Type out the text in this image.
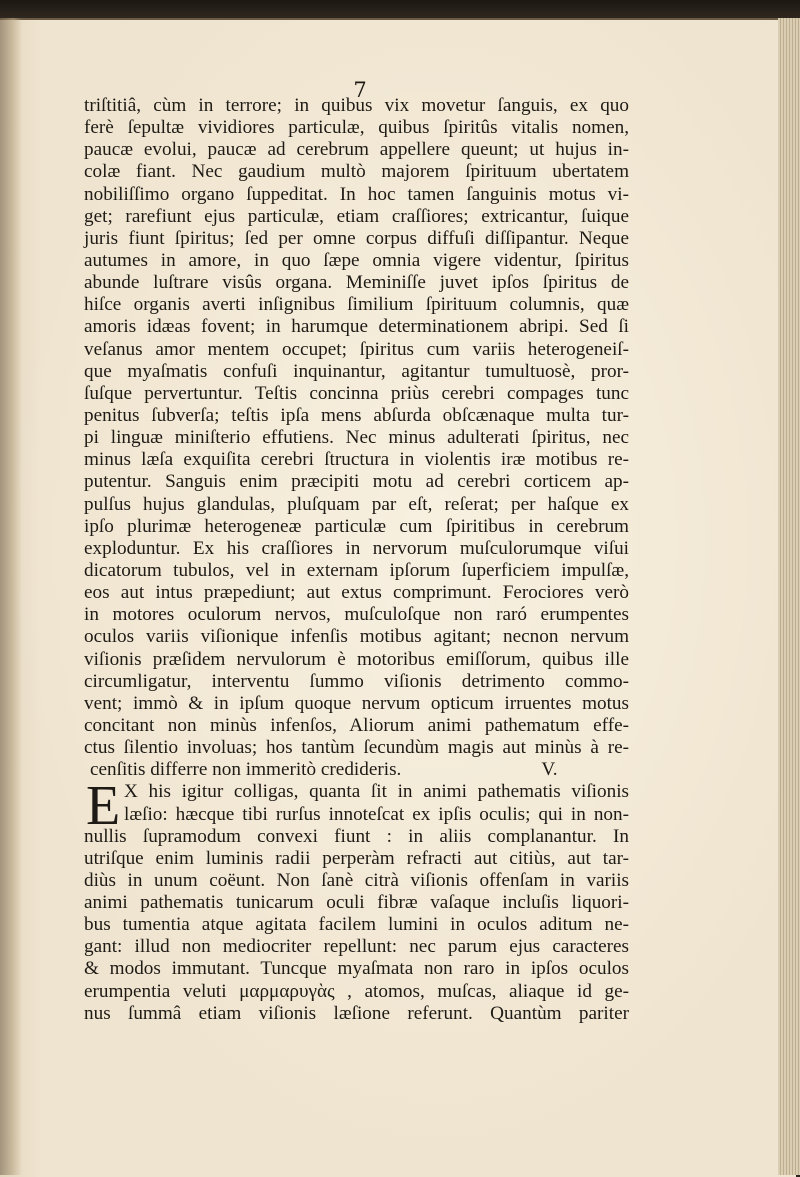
7
triſtitiâ, cùm in terrore; in quibus vix movetur ſanguis, ex quo
ferè ſepultæ vividiores particulæ, quibus ſpiritûs vitalis nomen,
paucæ evolui, paucæ ad cerebrum appellere queunt; ut hujus in-
colæ fiant. Nec gaudium multò majorem ſpirituum ubertatem
nobiliſſimo organo ſuppeditat. In hoc tamen ſanguinis motus vi-
get; rarefiunt ejus particulæ, etiam craſſiores; extricantur, ſuique
juris fiunt ſpiritus; ſed per omne corpus diffuſi diſſipantur. Neque
autumes in amore, in quo ſæpe omnia vigere videntur, ſpiritus
abunde luſtrare visûs organa. Meminiſſe juvet ipſos ſpiritus de
hiſce organis averti inſignibus ſimilium ſpirituum columnis, quæ
amoris idæas fovent; in harumque determinationem abripi. Sed ſi
veſanus amor mentem occupet; ſpiritus cum variis heterogeneiſ-
que myaſmatis confuſi inquinantur, agitantur tumultuosè, pror-
ſuſque pervertuntur. Teſtis concinna priùs cerebri compages tunc
penitus ſubverſa; teſtis ipſa mens abſurda obſcænaque multa tur-
pi linguæ miniſterio effutiens. Nec minus adulterati ſpiritus, nec
minus læſa exquiſita cerebri ſtructura in violentis iræ motibus re-
putentur. Sanguis enim præcipiti motu ad cerebri corticem ap-
pulſus hujus glandulas, pluſquam par eſt, reſerat; per haſque ex
ipſo plurimæ heterogeneæ particulæ cum ſpiritibus in cerebrum
exploduntur. Ex his craſſiores in nervorum muſculorumque viſui
dicatorum tubulos, vel in externam ipſorum ſuperficiem impulſæ,
eos aut intus præpediunt; aut extus comprimunt. Ferociores verò
in motores oculorum nervos, muſculoſque non raró erumpentes
oculos variis viſionique infenſis motibus agitant; necnon nervum
viſionis præſidem nervulorum è motoribus emiſſorum, quibus ille
circumligatur, interventu ſummo viſionis detrimento commo-
vent; immò & in ipſum quoque nervum opticum irruentes motus
concitant non minùs infenſos, Aliorum animi pathematum effe-
ctus ſilentio involuas; hos tantùm ſecundùm magis aut minùs à re-
cenſitis differre non immeritò credideris.	V.
E X his igitur colligas, quanta ſit in animi pathematis viſionis
læſio: hæcque tibi rurſus innoteſcat ex ipſis oculis; qui in non-
nullis ſupramodum convexi fiunt : in aliis complanantur. In
utriſque enim luminis radii perperàm refracti aut citiùs, aut tar-
diùs in unum coëunt. Non ſanè citrà viſionis offenſam in variis
animi pathematis tunicarum oculi fibræ vaſaque incluſis liquori-
bus tumentia atque agitata facilem lumini in oculos aditum ne-
gant: illud non mediocriter repellunt: nec parum ejus caracteres
& modos immutant. Tuncque myaſmata non raro in ipſos oculos
erumpentia veluti μαρμαρυγὰς , atomos, muſcas, aliaque id ge-
nus ſummâ etiam viſionis læſione referunt. Quantùm pariter
